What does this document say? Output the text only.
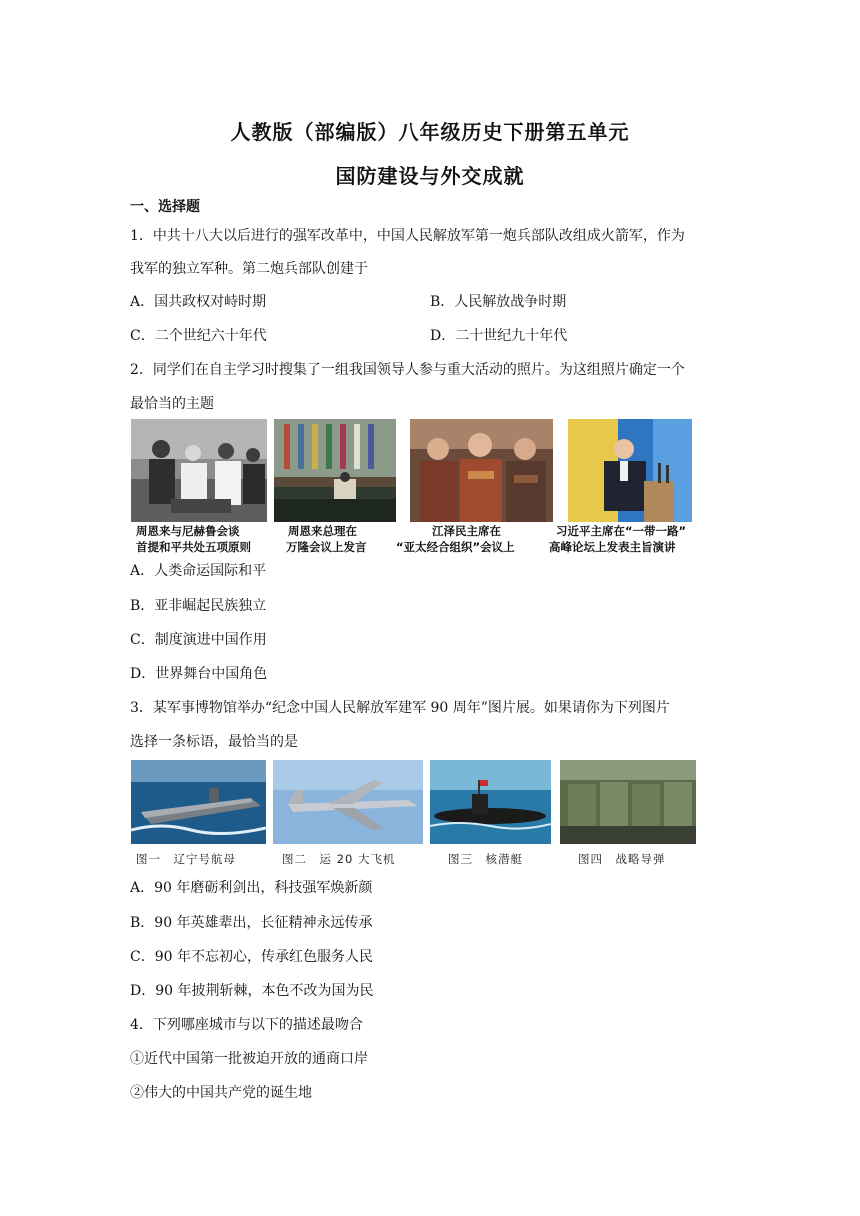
人教版（部编版）八年级历史下册第五单元
国防建设与外交成就
一、选择题
1．中共十八大以后进行的强军改革中，中国人民解放军第一炮兵部队改组成火箭军，作为
我军的独立军种。第二炮兵部队创建于
A．国共政权对峙时期	B．人民解放战争时期
C．二个世纪六十年代	D．二十世纪九十年代
2．同学们在自主学习时搜集了一组我国领导人参与重大活动的照片。为这组照片确定一个
最恰当的主题
周恩来与尼赫鲁会谈
首提和平共处五项原则
周恩来总理在
万隆会议上发言
江泽民主席在
“亚太经合组织”会议上
习近平主席在“一带一路”
高峰论坛上发表主旨演讲
A．人类命运国际和平
B．亚非崛起民族独立
C．制度演进中国作用
D．世界舞台中国角色
3．某军事博物馆举办“纪念中国人民解放军建军 90 周年”图片展。如果请你为下列图片
选择一条标语，最恰当的是
图一　辽宁号航母	图二　运 20 大飞机	图三　核潜艇	图四　战略导弹
A．90 年磨砺利剑出，科技强军焕新颜
B．90 年英雄辈出，长征精神永远传承
C．90 年不忘初心，传承红色服务人民
D．90 年披荆斩棘，本色不改为国为民
4．下列哪座城市与以下的描述最吻合
①近代中国第一批被迫开放的通商口岸
②伟大的中国共产党的诞生地
